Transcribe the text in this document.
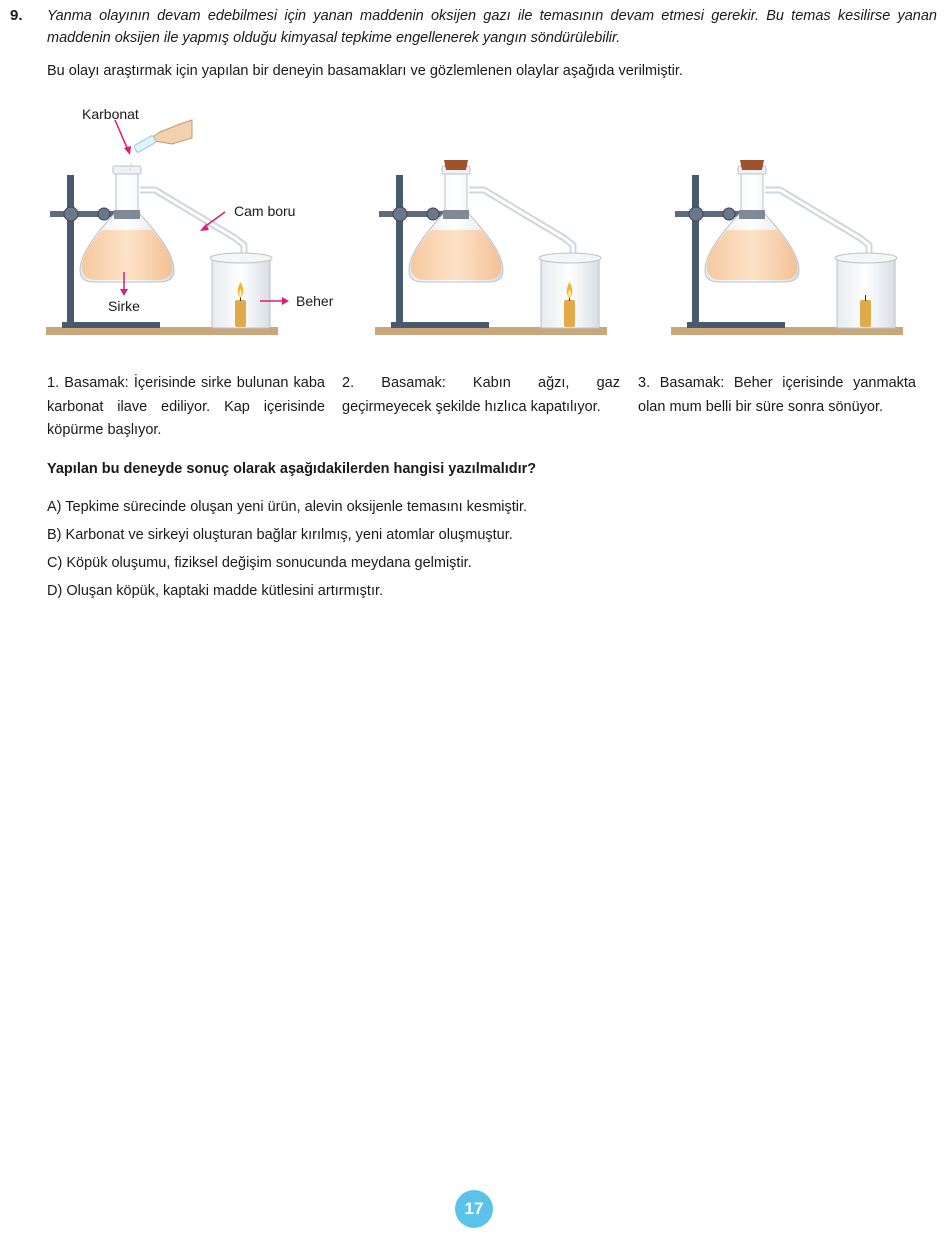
9. Yanma olayının devam edebilmesi için yanan maddenin oksijen gazı ile temasının devam etmesi gerekir. Bu temas kesilirse yanan maddenin oksijen ile yapmış olduğu kimyasal tepkime engellenerek yangın söndürülebilir.
Bu olayı araştırmak için yapılan bir deneyin basamakları ve gözlemlenen olaylar aşağıda verilmiştir.
Karbonat
Cam boru
Sirke	Beher
1. Basamak: İçerisinde sirke bulunan kaba karbonat ilave ediliyor. Kap içerisinde köpürme başlıyor.
2. Basamak: Kabın ağzı, gaz geçirmeyecek şekilde hızlıca kapatılıyor.
3. Basamak: Beher içerisinde yanmakta olan mum belli bir süre sonra sönüyor.
Yapılan bu deneyde sonuç olarak aşağıdakilerden hangisi yazılmalıdır?
A) Tepkime sürecinde oluşan yeni ürün, alevin oksijenle temasını kesmiştir.
B) Karbonat ve sirkeyi oluşturan bağlar kırılmış, yeni atomlar oluşmuştur.
C) Köpük oluşumu, fiziksel değişim sonucunda meydana gelmiştir.
D) Oluşan köpük, kaptaki madde kütlesini artırmıştır.
17
